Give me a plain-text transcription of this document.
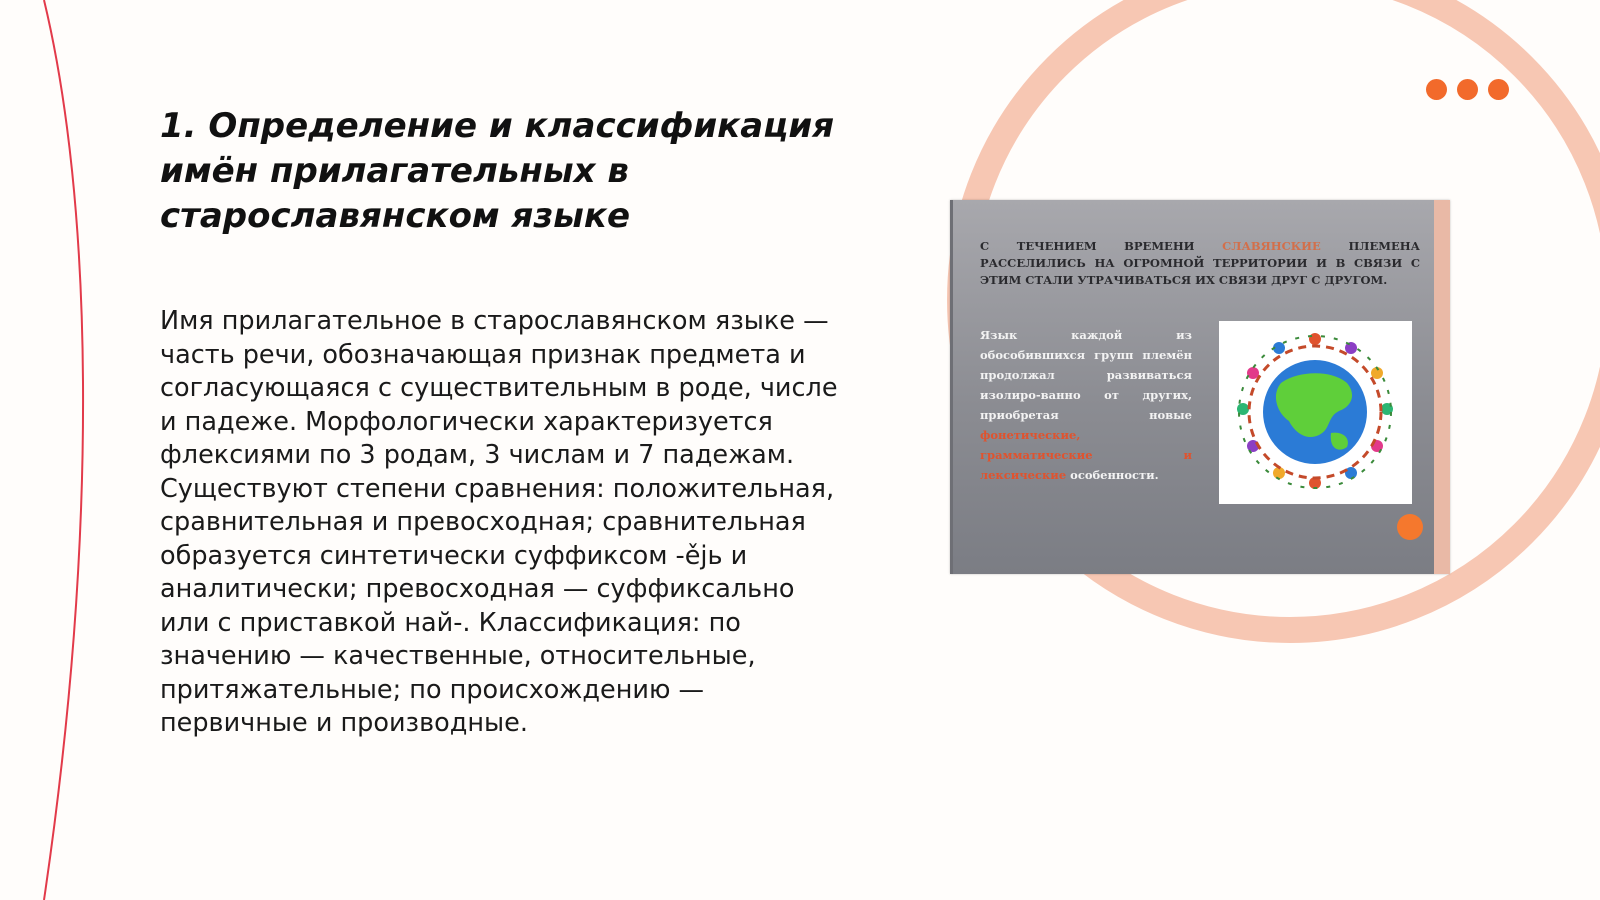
1. Определение и классификация имён прилагательных в старославянском языке

Имя прилагательное в старославянском языке — часть речи, обозначающая признак предмета и согласующаяся с существительным в роде, числе и падеже. Морфологически характеризуется флексиями по 3 родам, 3 числам и 7 падежам. Существуют степени сравнения: положительная, сравнительная и превосходная; сравнительная образуется синтетически суффиксом -ějь и аналитически; превосходная — суффиксально или с приставкой най-. Классификация: по значению — качественные, относительные, притяжательные; по происхождению — первичные и производные.

С ТЕЧЕНИЕМ ВРЕМЕНИ СЛАВЯНСКИЕ ПЛЕМЕНА РАССЕЛИЛИСЬ НА ОГРОМНОЙ ТЕРРИТОРИИ И В СВЯЗИ С ЭТИМ СТАЛИ УТРАЧИВАТЬСЯ ИХ СВЯЗИ ДРУГ С ДРУГОМ.

Язык каждой из обособившихся групп племён продолжал развиваться изолиро-ванно от других, приобретая новые фонетические, грамматические и лексические особенности.
